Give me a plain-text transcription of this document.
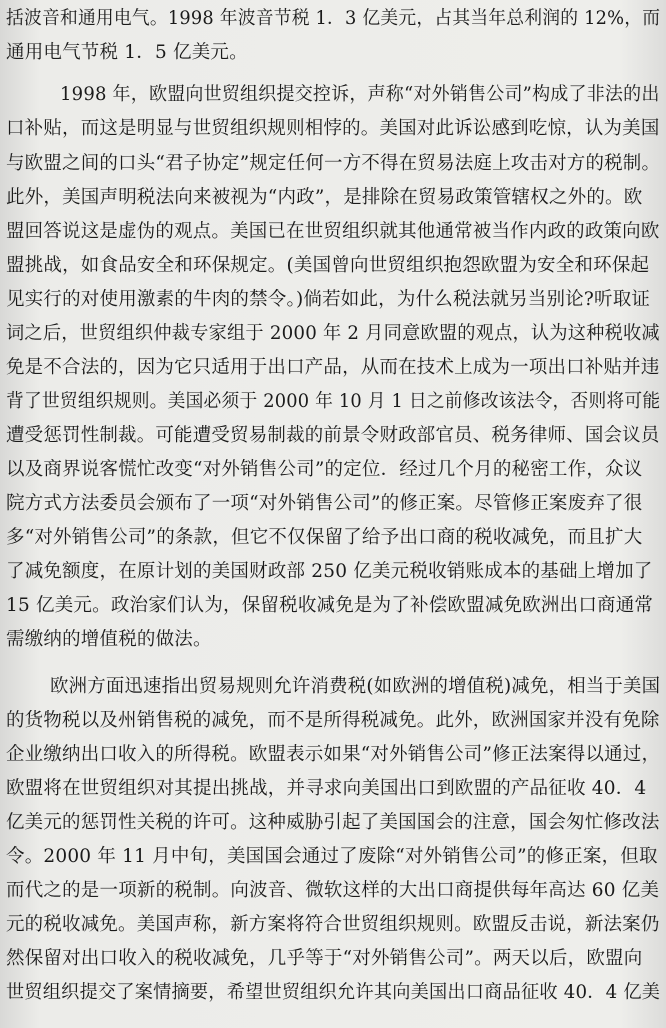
括波音和通用电气。1998 年波音节税 1．3 亿美元，占其当年总利润的 12%，而
通用电气节税 1．5 亿美元。
1998 年，欧盟向世贸组织提交控诉，声称“对外销售公司”构成了非法的出
口补贴，而这是明显与世贸组织规则相悖的。美国对此诉讼感到吃惊，认为美国
与欧盟之间的口头“君子协定”规定任何一方不得在贸易法庭上攻击对方的税制。
此外，美国声明税法向来被视为“内政”，是排除在贸易政策管辖权之外的。欧
盟回答说这是虚伪的观点。美国已在世贸组织就其他通常被当作内政的政策向欧
盟挑战，如食品安全和环保规定。(美国曾向世贸组织抱怨欧盟为安全和环保起
见实行的对使用激素的牛肉的禁令。)倘若如此，为什么税法就另当别论?听取证
词之后，世贸组织仲裁专家组于 2000 年 2 月同意欧盟的观点，认为这种税收减
免是不合法的，因为它只适用于出口产品，从而在技术上成为一项出口补贴并违
背了世贸组织规则。美国必须于 2000 年 10 月 1 日之前修改该法令，否则将可能
遭受惩罚性制裁。可能遭受贸易制裁的前景令财政部官员、税务律师、国会议员
以及商界说客慌忙改变“对外销售公司”的定位．经过几个月的秘密工作，众议
院方式方法委员会颁布了一项“对外销售公司”的修正案。尽管修正案废弃了很
多“对外销售公司”的条款，但它不仅保留了给予出口商的税收减免，而且扩大
了减免额度，在原计划的美国财政部 250 亿美元税收销账成本的基础上增加了
15 亿美元。政治家们认为，保留税收减免是为了补偿欧盟减免欧洲出口商通常
需缴纳的增值税的做法。
欧洲方面迅速指出贸易规则允许消费税(如欧洲的增值税)减免，相当于美国
的货物税以及州销售税的减免，而不是所得税减免。此外，欧洲国家并没有免除
企业缴纳出口收入的所得税。欧盟表示如果“对外销售公司”修正法案得以通过，
欧盟将在世贸组织对其提出挑战，并寻求向美国出口到欧盟的产品征收 40．4
亿美元的惩罚性关税的许可。这种威胁引起了美国国会的注意，国会匆忙修改法
令。2000 年 11 月中旬，美国国会通过了废除“对外销售公司”的修正案，但取
而代之的是一项新的税制。向波音、微软这样的大出口商提供每年高达 60 亿美
元的税收减免。美国声称，新方案将符合世贸组织规则。欧盟反击说，新法案仍
然保留对出口收入的税收减免，几乎等于“对外销售公司”。两天以后，欧盟向
世贸组织提交了案情摘要，希望世贸组织允许其向美国出口商品征收 40．4 亿美
